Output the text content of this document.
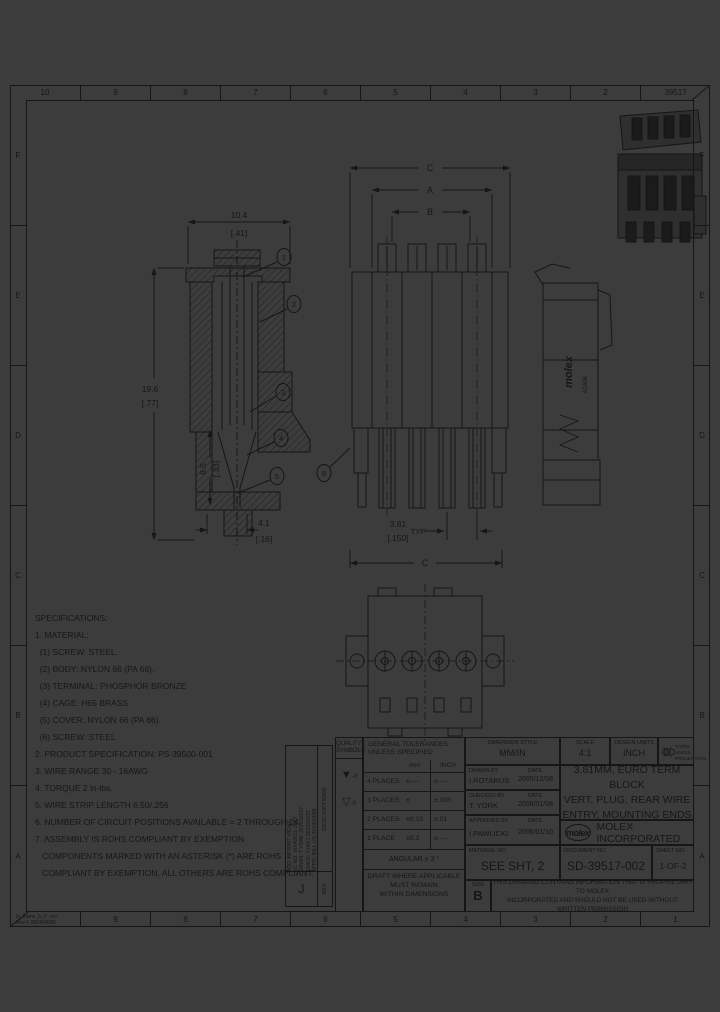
10.4
[.41]
19.6
[.77]
8.5 [.33]
4.1
[.16]
1
2
3
4
5	6
C
A
B
3.81
[.150]
TYP
C
molex A1506
10	9	8	7	6	5	4	3	2	39517
lo_frame_b_P_rev
Rev F 2004/04/05	9	8	7	6	5	4	3	2	1
F
E
D
C
B
A
F
E
D
C
B
A
SPECIFICATIONS:
1. MATERIAL:
(1) SCREW: STEEL.
(2) BODY: NYLON 66 (PA 66).
(3) TERMINAL: PHOSPHOR BRONZE
(4) CAGE: H65 BRASS
(5) COVER: NYLON 66 (PA 66).
(6) SCREW: STEEL
2. PRODUCT SPECIFICATION: PS-39500-001
3. WIRE RANGE 30 - 16AWG
4. TORQUE 2 in-lbs.
5. WIRE STRIP LENGTH 6.50/.256
6. NUMBER OF CIRCUIT POSITIONS AVAILABLE = 2 THROUGH 24.
7. ASSEMBLY IS ROHS COMPLIANT BY EXEMPTION.
COMPONENTS MARKED WITH AN ASTERISK (*) ARE ROHS
COMPLIANT BY EXEMPTION, ALL OTHERS ARE ROHS COMPLIANT.
ADD IMPRINT VIEWS EC NO. WXA2011-3067 DRWN: T.YORK 2010/10/27 CHK'D: T.HRIT 2010/10/27 APPR: BILL US 2010/10/28 DESCRIPTIONS
J	REV
QUALITY
SYMBOLS
▼-0
▽-0
GENERAL TOLERANCES
UNLESS SPECIFIED
mm	INCH
4 PLACES ±---- ±----
3 PLACES ±	±.005
2 PLACES ±0.13 ±.01
1 PLACE ±0.3 ±----
ANGULAR ± 3 °
DRAFT WHERE APPLICABLE
MUST REMAIN
WITHIN DIMENSIONS
DIMENSION STYLE
MM/IN
DRAWN BY	DATE
I.ROTARUS 2005/12/08
CHECKED BY	DATE
T. YORK	2006/01/08
APPROVED BY	DATE
I.PAWLICKI 2006/01/10
MATERIAL NO.
SEE SHT, 2
SIZE
B
THIS DRAWING CONTAINS INFORMATION THAT IS PROPRIETARY TO MOLEX
INCORPORATED AND SHOULD NOT BE USED WITHOUT WRITTEN PERMISSION
SCALE
4:1
DESIGN UNITS
INCH
THIRD ANGLE
PROJECTION
3.81MM, EURO TERM BLOCK
VERT, PLUG, REAR WIRE
ENTRY, MOUNTING ENDS
molex MOLEX INCORPORATED
DOCUMENT NO.
SD-39517-002
SHEET NO.
1-OF-2
